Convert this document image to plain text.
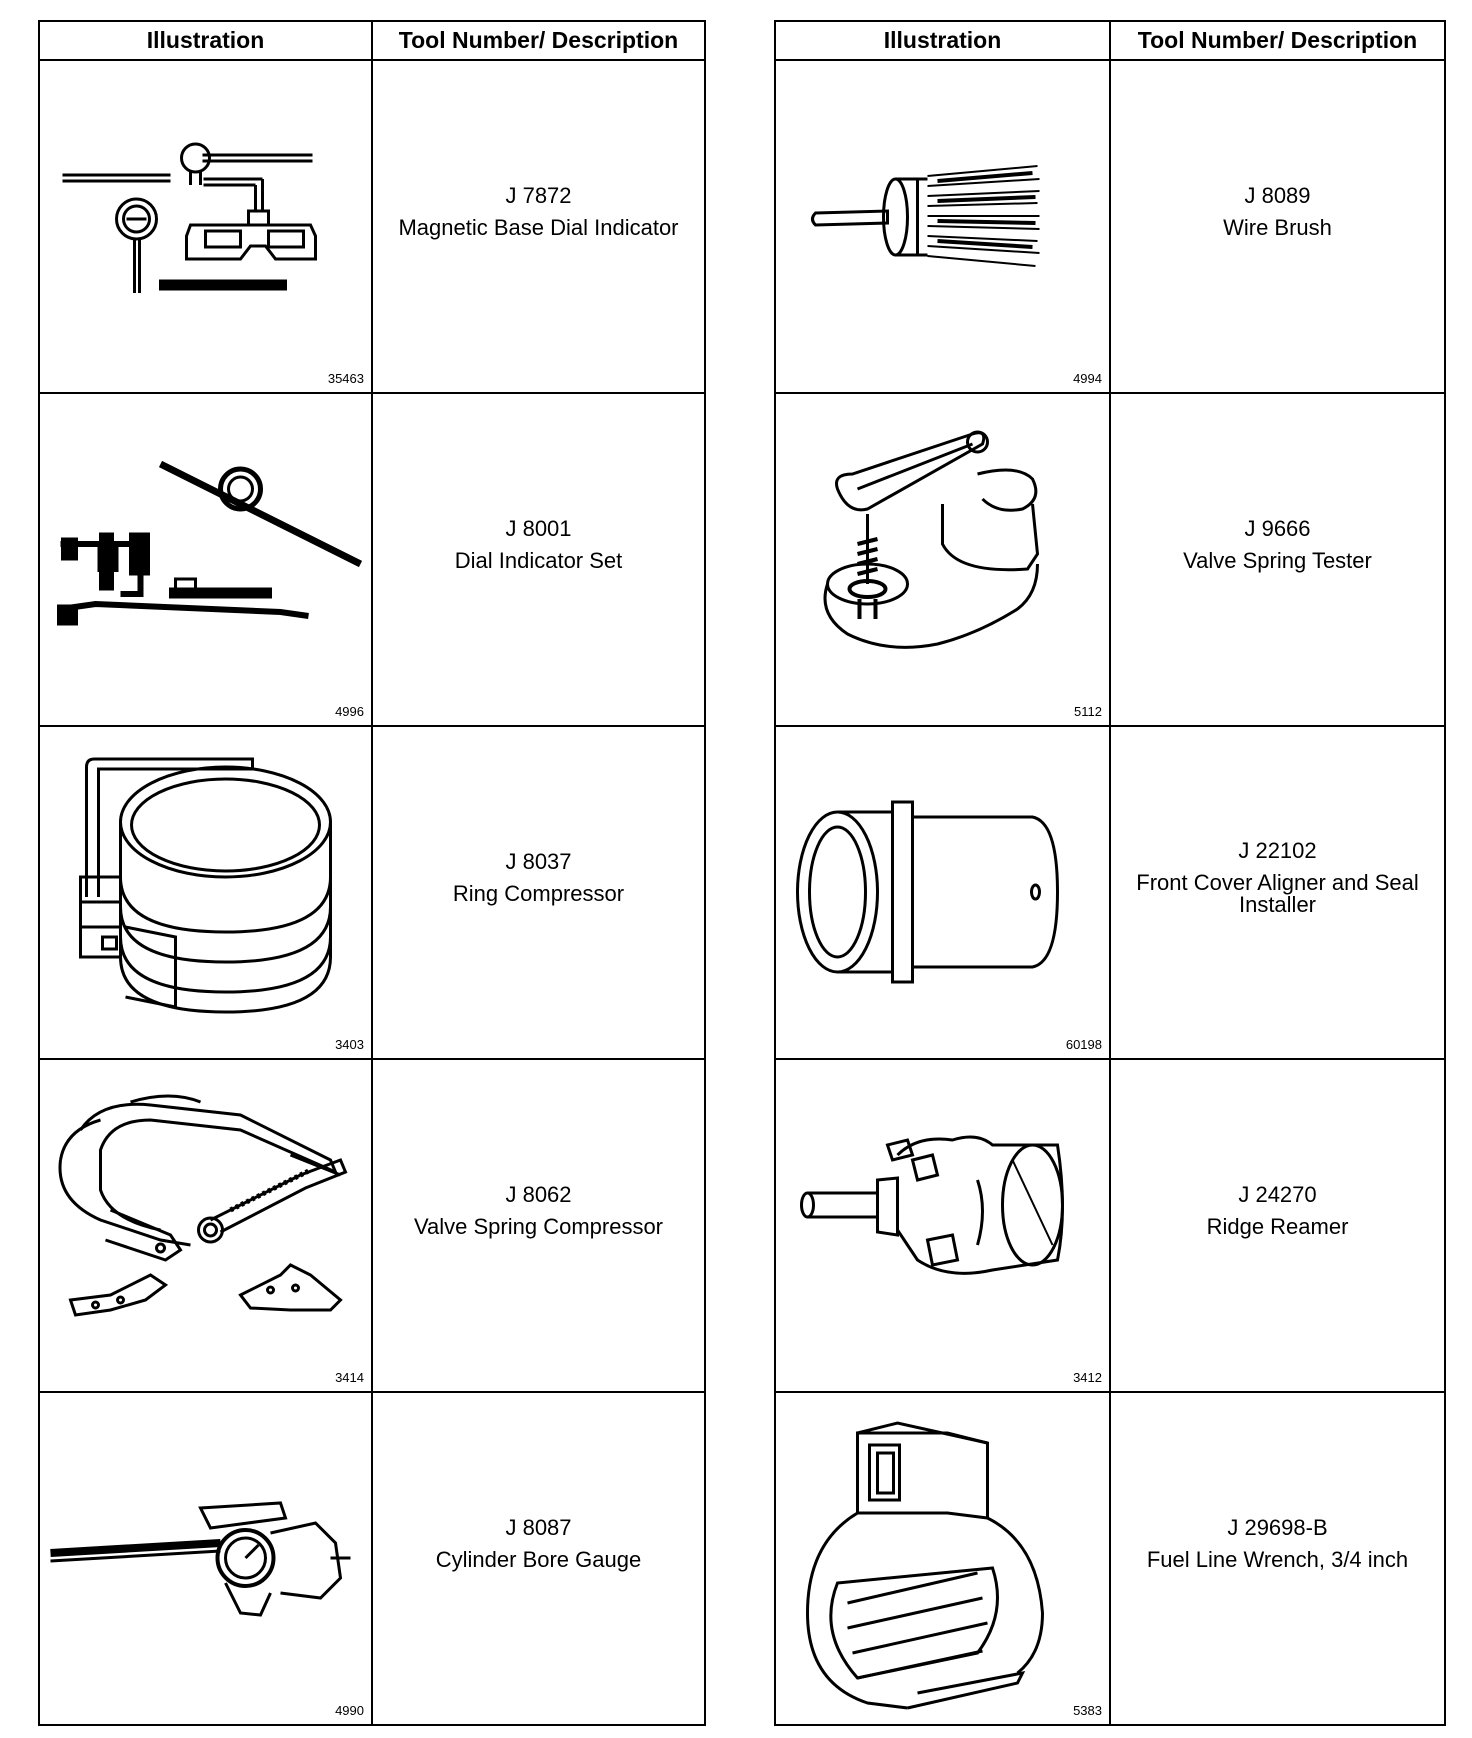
Illustration	Tool Number/ Description

35463	J 7872
Magnetic Base Dial Indicator

4996	J 8001
Dial Indicator Set

3403	J 8037
Ring Compressor

3414	J 8062
Valve Spring Compressor

4990	J 8087
Cylinder Bore Gauge
Illustration	Tool Number/ Description

4994	J 8089
Wire Brush

5112	J 9666
Valve Spring Tester

60198	J 22102
Front Cover Aligner and Seal Installer

3412	J 24270
Ridge Reamer

5383	J 29698-B
Fuel Line Wrench, 3/4 inch
